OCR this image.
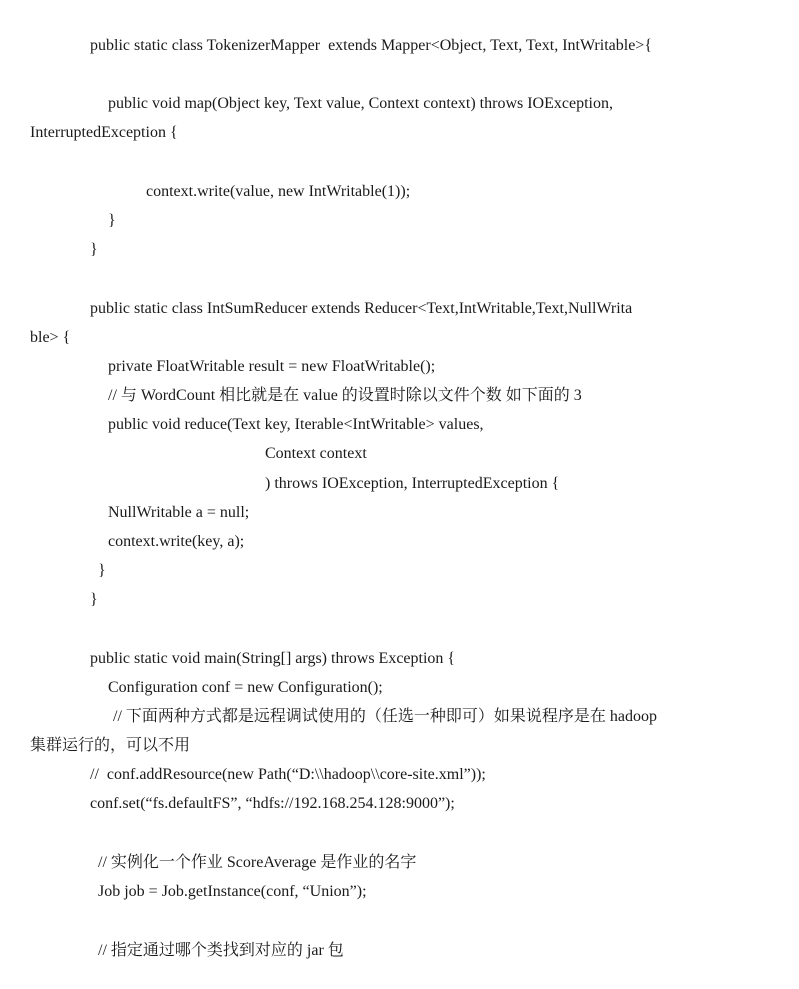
public static class TokenizerMapper  extends Mapper<Object, Text, Text, IntWritable>{
public void map(Object key, Text value, Context context) throws IOException,
InterruptedException {
context.write(value, new IntWritable(1));
}
}
public static class IntSumReducer extends Reducer<Text,IntWritable,Text,NullWrita
ble> {
private FloatWritable result = new FloatWritable();
// 与 WordCount 相比就是在 value 的设置时除以文件个数 如下面的 3
public void reduce(Text key, Iterable<IntWritable> values,
Context context
) throws IOException, InterruptedException {
NullWritable a = null;
context.write(key, a);
}
}
public static void main(String[] args) throws Exception {
Configuration conf = new Configuration();
// 下面两种方式都是远程调试使用的（任选一种即可）如果说程序是在 hadoop
集群运行的，可以不用
//  conf.addResource(new Path(“D:\\hadoop\\core-site.xml”));
conf.set(“fs.defaultFS”, “hdfs://192.168.254.128:9000”);
// 实例化一个作业 ScoreAverage 是作业的名字
Job job = Job.getInstance(conf, “Union”);
// 指定通过哪个类找到对应的 jar 包
